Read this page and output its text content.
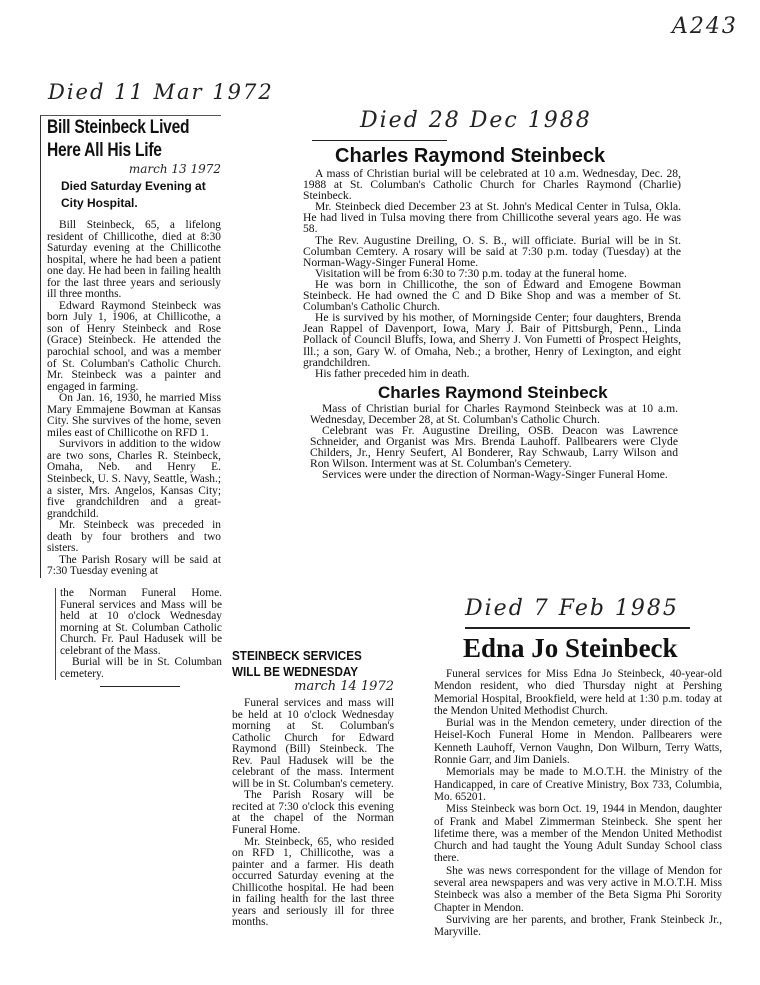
A243
Died 11 Mar 1972
Bill Steinbeck Lived
Here All His Life
march 13 1972
Died Saturday Evening at City Hospital.

Bill Steinbeck, 65, a lifelong resident of Chillicothe, died at 8:30 Saturday evening at the Chillicothe hospital, where he had been a patient one day. He had been in failing health for the last three years and seriously ill three months.

Edward Raymond Steinbeck was born July 1, 1906, at Chillicothe, a son of Henry Steinbeck and Rose (Grace) Steinbeck. He attended the parochial school, and was a member of St. Columban's Catholic Church. Mr. Steinbeck was a painter and engaged in farming.

On Jan. 16, 1930, he married Miss Mary Emmajene Bowman at Kansas City. She survives of the home, seven miles east of Chillicothe on RFD 1.

Survivors in addition to the widow are two sons, Charles R. Steinbeck, Omaha, Neb. and Henry E. Steinbeck, U. S. Navy, Seattle, Wash.; a sister, Mrs. Angelos, Kansas City; five grandchildren and a great-grandchild.

Mr. Steinbeck was preceded in death by four brothers and two sisters.

The Parish Rosary will be said at 7:30 Tuesday evening at

the Norman Funeral Home. Funeral services and Mass will be held at 10 o'clock Wednesday morning at St. Columban Catholic Church. Fr. Paul Hadusek will be celebrant of the Mass.

Burial will be in St. Columban cemetery.

STEINBECK SERVICES
WILL BE WEDNESDAY
march 14 1972

Funeral services and mass will be held at 10 o'clock Wednesday morning at St. Columban's Catholic Church for Edward Raymond (Bill) Steinbeck. The Rev. Paul Hadusek will be the celebrant of the mass. Interment will be in St. Columban's cemetery.

The Parish Rosary will be recited at 7:30 o'clock this evening at the chapel of the Norman Funeral Home.

Mr. Steinbeck, 65, who resided on RFD 1, Chillicothe, was a painter and a farmer. His death occurred Saturday evening at the Chillicothe hospital. He had been in failing health for the last three years and seriously ill for three months.

Died 28 Dec 1988
Charles Raymond Steinbeck

A mass of Christian burial will be celebrated at 10 a.m. Wednesday, Dec. 28, 1988 at St. Columban's Catholic Church for Charles Raymond (Charlie) Steinbeck.

Mr. Steinbeck died December 23 at St. John's Medical Center in Tulsa, Okla. He had lived in Tulsa moving there from Chillicothe several years ago. He was 58.

The Rev. Augustine Dreiling, O. S. B., will officiate. Burial will be in St. Columban Cemtery. A rosary will be said at 7:30 p.m. today (Tuesday) at the Norman-Wagy-Singer Funeral Home.

Visitation will be from 6:30 to 7:30 p.m. today at the funeral home.

He was born in Chillicothe, the son of Edward and Emogene Bowman Steinbeck. He had owned the C and D Bike Shop and was a member of St. Columban's Catholic Church.

He is survived by his mother, of Morningside Center; four daughters, Brenda Jean Rappel of Davenport, Iowa, Mary J. Bair of Pittsburgh, Penn., Linda Pollack of Council Bluffs, Iowa, and Sherry J. Von Fumetti of Prospect Heights, Ill.; a son, Gary W. of Omaha, Neb.; a brother, Henry of Lexington, and eight grandchildren.

His father preceded him in death.

Charles Raymond Steinbeck

Mass of Christian burial for Charles Raymond Steinbeck was at 10 a.m. Wednesday, December 28, at St. Columban's Catholic Church.

Celebrant was Fr. Augustine Dreiling, OSB. Deacon was Lawrence Schneider, and Organist was Mrs. Brenda Lauhoff. Pallbearers were Clyde Childers, Jr., Henry Seufert, Al Bonderer, Ray Schwaub, Larry Wilson and Ron Wilson. Interment was at St. Columban's Cemetery.

Services were under the direction of Norman-Wagy-Singer Funeral Home.

Died 7 Feb 1985
Edna Jo Steinbeck

Funeral services for Miss Edna Jo Steinbeck, 40-year-old Mendon resident, who died Thursday night at Pershing Memorial Hospital, Brookfield, were held at 1:30 p.m. today at the Mendon United Methodist Church.

Burial was in the Mendon cemetery, under direction of the Heisel-Koch Funeral Home in Mendon. Pallbearers were Kenneth Lauhoff, Vernon Vaughn, Don Wilburn, Terry Watts, Ronnie Garr, and Jim Daniels.

Memorials may be made to M.O.T.H. the Ministry of the Handicapped, in care of Creative Ministry, Box 733, Columbia, Mo. 65201.

Miss Steinbeck was born Oct. 19, 1944 in Mendon, daughter of Frank and Mabel Zimmerman Steinbeck. She spent her lifetime there, was a member of the Mendon United Methodist Church and had taught the Young Adult Sunday School class there.

She was news correspondent for the village of Mendon for several area newspapers and was very active in M.O.T.H. Miss Steinbeck was also a member of the Beta Sigma Phi Sorority Chapter in Mendon.

Surviving are her parents, and brother, Frank Steinbeck Jr., Maryville.
